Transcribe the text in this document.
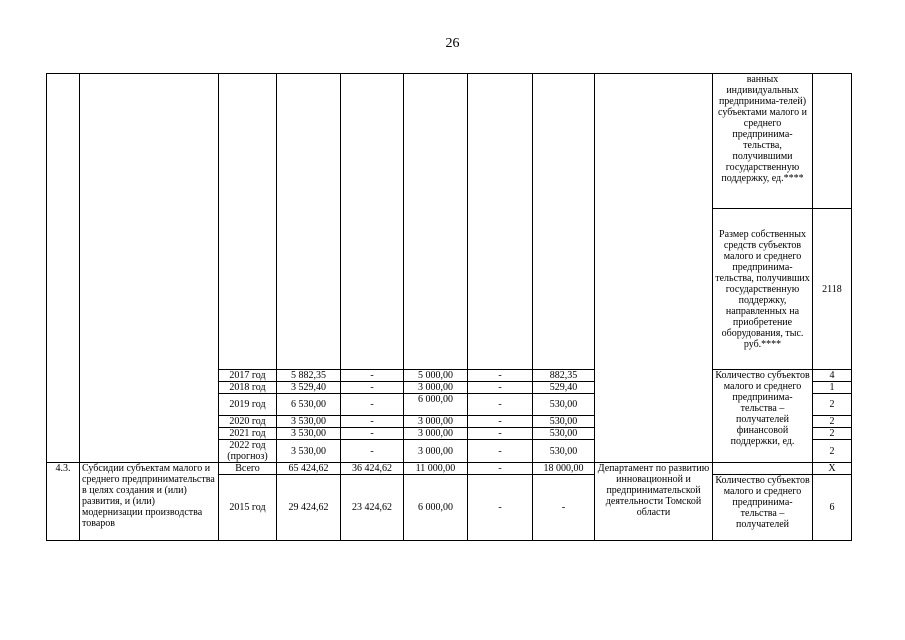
26
									ванных индивидуальных предпринима-телей) субъектами малого и среднего предпринима-тельства, получившими государственную поддержку, ед.****	
									Размер собственных средств субъектов малого и среднего предпринима-тельства, получивших государственную поддержку, направленных на приобретение оборудования, тыс. руб.****	2118
		2017 год	5 882,35	-	5 000,00	-	882,35		Количество субъектов малого и среднего предпринима-тельства – получателей финансовой поддержки, ед.	4
		2018 год	3 529,40	-	3 000,00	-	529,40			1
		2019 год	6 530,00	-	6 000,00	-	530,00			2
		2020 год	3 530,00	-	3 000,00	-	530,00			2
		2021 год	3 530,00	-	3 000,00	-	530,00			2
		2022 год (прогноз)	3 530,00	-	3 000,00	-	530,00			2
4.3.	Субсидии субъектам малого и среднего предпринимательства в целях создания и (или) развития, и (или) модернизации производства товаров	Всего	65 424,62	36 424,62	11 000,00	-	18 000,00	Департамент по развитию инновационной и предпринимательской деятельности Томской области		X
		2015 год	29 424,62	23 424,62	6 000,00	-	-		Количество субъектов малого и среднего предпринима-тельства – получателей	6
